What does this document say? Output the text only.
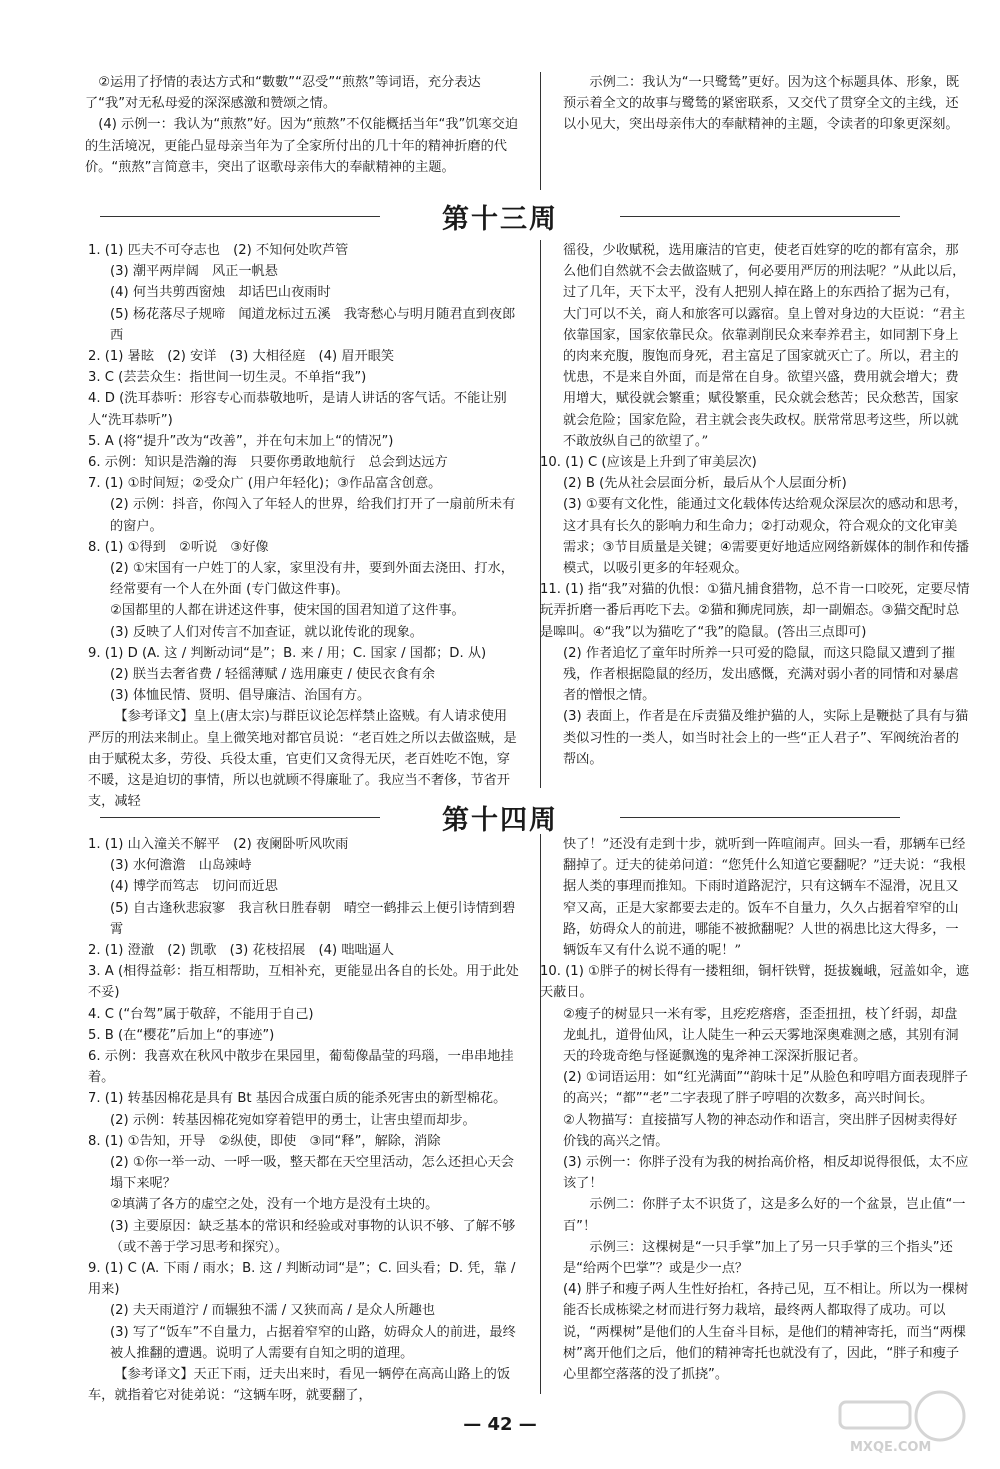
②运用了抒情的表达方式和“數數”“忍受”“煎熬”等词语，充分表达了“我”对无私母爱的深深感激和赞颂之情。

(4) 示例一：我认为“煎熬”好。因为“煎熬”不仅能概括当年“我”饥寒交迫的生活境况，更能凸显母亲当年为了全家所付出的几十年的精神折磨的代价。“煎熬”言简意丰，突出了讴歌母亲伟大的奉献精神的主题。

示例二：我认为“一只鹭鸶”更好。因为这个标题具体、形象，既预示着全文的故事与鹭鸶的紧密联系，又交代了贯穿全文的主线，还以小见大，突出母亲伟大的奉献精神的主题，令读者的印象更深刻。

第十三周

1. (1) 匹夫不可夺志也　(2) 不知何处吹芦管

(3) 潮平两岸阔　风正一帆悬

(4) 何当共剪西窗烛　却话巴山夜雨时

(5) 杨花落尽子规啼　闻道龙标过五溪　我寄愁心与明月随君直到夜郎西

2. (1) 暑眩　(2) 安详　(3) 大相径庭　(4) 眉开眼笑

3. C (芸芸众生：指世间一切生灵。不单指“我”)

4. D (洗耳恭听：形容专心而恭敬地听，是请人讲话的客气话。不能让别人“洗耳恭听”)

5. A (将“提升”改为“改善”，并在句末加上“的情况”)

6. 示例：知识是浩瀚的海　只要你勇敢地航行　总会到达远方

7. (1) ①时间短；②受众广 (用户年轻化)；③作品富含创意。

(2) 示例：抖音，你闯入了年轻人的世界，给我们打开了一扇前所未有的窗户。

8. (1) ①得到　②听说　③好像

(2) ①宋国有一户姓丁的人家，家里没有井，要到外面去浇田、打水，经常要有一个人在外面 (专门做这件事)。

②国都里的人都在讲述这件事，使宋国的国君知道了这件事。

(3) 反映了人们对传言不加查证，就以讹传讹的现象。

9. (1) D (A. 这 / 判断动词“是”；B. 来 / 用；C. 国家 / 国都；D. 从)

(2) 朕当去奢省费 / 轻徭薄赋 / 选用廉吏 / 使民衣食有余

(3) 体恤民情、贤明、倡导廉洁、治国有方。

【参考译文】皇上(唐太宗)与群臣议论怎样禁止盗贼。有人请求使用严厉的刑法来制止。皇上微笑地对都官员说：“老百姓之所以去做盗贼，是由于赋税太多，劳役、兵役太重，官吏们又贪得无厌，老百姓吃不饱，穿不暖，这是迫切的事情，所以也就顾不得廉耻了。我应当不奢侈，节省开支，减轻

徭役，少收赋税，选用廉洁的官吏，使老百姓穿的吃的都有富余，那么他们自然就不会去做盗贼了，何必要用严厉的刑法呢？”从此以后，过了几年，天下太平，没有人把别人掉在路上的东西拾了据为己有，大门可以不关，商人和旅客可以露宿。皇上曾对身边的大臣说：“君主依靠国家，国家依靠民众。依靠剥削民众来奉养君主，如同割下身上的肉来充腹，腹饱而身死，君主富足了国家就灭亡了。所以，君主的忧患，不是来自外面，而是常在自身。欲望兴盛，费用就会增大；费用增大，赋役就会繁重；赋役繁重，民众就会愁苦；民众愁苦，国家就会危险；国家危险，君主就会丧失政权。朕常常思考这些，所以就不敢放纵自己的欲望了。”

10. (1) C (应该是上升到了审美层次)

(2) B (先从社会层面分析，最后从个人层面分析)

(3) ①要有文化性，能通过文化载体传达给观众深层次的感动和思考，这才具有长久的影响力和生命力；②打动观众，符合观众的文化审美需求；③节目质量是关键；④需要更好地适应网络新媒体的制作和传播模式，以吸引更多的年轻观众。

11. (1) 指“我”对猫的仇恨：①猫凡捕食猎物，总不肯一口咬死，定要尽情玩弄折磨一番后再吃下去。②猫和狮虎同族，却一副媚态。③猫交配时总是嗥叫。④“我”以为猫吃了“我”的隐鼠。(答出三点即可)

(2) 作者追忆了童年时所养一只可爱的隐鼠，而这只隐鼠又遭到了摧残，作者根据隐鼠的经历，发出感慨，充满对弱小者的同情和对暴虐者的憎恨之情。

(3) 表面上，作者是在斥责猫及维护猫的人，实际上是鞭挞了具有与猫类似习性的一类人，如当时社会上的一些“正人君子”、军阀统治者的帮凶。

第十四周

1. (1) 山入潼关不解平　(2) 夜阑卧听风吹雨

(3) 水何澹澹　山岛竦峙

(4) 博学而笃志　切问而近思

(5) 自古逢秋悲寂寥　我言秋日胜春朝　晴空一鹤排云上便引诗情到碧霄

2. (1) 澄澈　(2) 凯歌　(3) 花枝招展　(4) 咄咄逼人

3. A (相得益彰：指互相帮助，互相补充，更能显出各自的长处。用于此处不妥)

4. C (“台驾”属于敬辞，不能用于自己)

5. B (在“樱花”后加上“的事迹”)

6. 示例：我喜欢在秋风中散步在果园里，葡萄像晶莹的玛瑙，一串串地挂着。

7. (1) 转基因棉花是具有 Bt 基因合成蛋白质的能杀死害虫的新型棉花。

(2) 示例：转基因棉花宛如穿着铠甲的勇士，让害虫望而却步。

8. (1) ①告知，开导　②纵使，即使　③同“释”，解除，消除

(2) ①你一举一动、一呼一吸，整天都在天空里活动，怎么还担心天会塌下来呢？

②填满了各方的虚空之处，没有一个地方是没有土块的。

(3) 主要原因：缺乏基本的常识和经验或对事物的认识不够、了解不够（或不善于学习思考和探究）。

9. (1) C (A. 下雨 / 雨水；B. 这 / 判断动词“是”；C. 回头看；D. 凭，靠 / 用来)

(2) 夫天雨道泞 / 而辗独不濡 / 又狭而高 / 是众人所趣也

(3) 写了“饭车”不自量力，占据着窄窄的山路，妨碍众人的前进，最终被人推翻的遭遇。说明了人需要有自知之明的道理。

【参考译文】天正下雨，迂夫出来时，看见一辆停在高高山路上的饭车，就指着它对徒弟说：“这辆车呀，就要翻了，

快了！”还没有走到十步，就听到一阵喧闹声。回头一看，那辆车已经翻掉了。迂夫的徒弟问道：“您凭什么知道它要翻呢？”迂夫说：“我根据人类的事理而推知。下雨时道路泥泞，只有这辆车不湿滑，况且又窄又高，正是大家都要去走的。饭车不自量力，久久占据着窄窄的山路，妨碍众人的前进，哪能不被掀翻呢？人世的祸患比这大得多，一辆饭车又有什么说不通的呢！”

10. (1) ①胖子的树长得有一搂粗细，铜杆铁臂，挺拔巍峨，冠盖如伞，遮天蔽日。

②瘦子的树显只一米有零，且疙疙瘩瘩，歪歪扭扭，枝丫纤弱，却盘龙虬扎，道骨仙风，让人陡生一种云天雾地深奥难测之感，其别有洞天的玲珑奇绝与怪诞飘逸的鬼斧神工深深折服记者。

(2) ①词语运用：如“红光满面”“韵味十足”从脸色和哼唱方面表现胖子的高兴；“都”“老”二字表现了胖子哼唱的次数多，高兴时间长。

②人物描写：直接描写人物的神态动作和语言，突出胖子因树卖得好价钱的高兴之情。

(3) 示例一：你胖子没有为我的树抬高价格，相反却说得很低，太不应该了！

示例二：你胖子太不识货了，这是多么好的一个盆景，岂止值“一百”！

示例三：这棵树是“一只手掌”加上了另一只手掌的三个指头”还是“给两个巴掌”？或是少一点？

(4) 胖子和瘦子两人生性好抬杠，各持己见，互不相让。所以为一棵树能否长成栋梁之材而进行努力栽培，最终两人都取得了成功。可以说，“两棵树”是他们的人生奋斗目标，是他们的精神寄托，而当“两棵树”离开他们之后，他们的精神寄托也就没有了，因此，“胖子和瘦子心里都空落落的没了抓挠”。

— 42 —
MXQE.COM
